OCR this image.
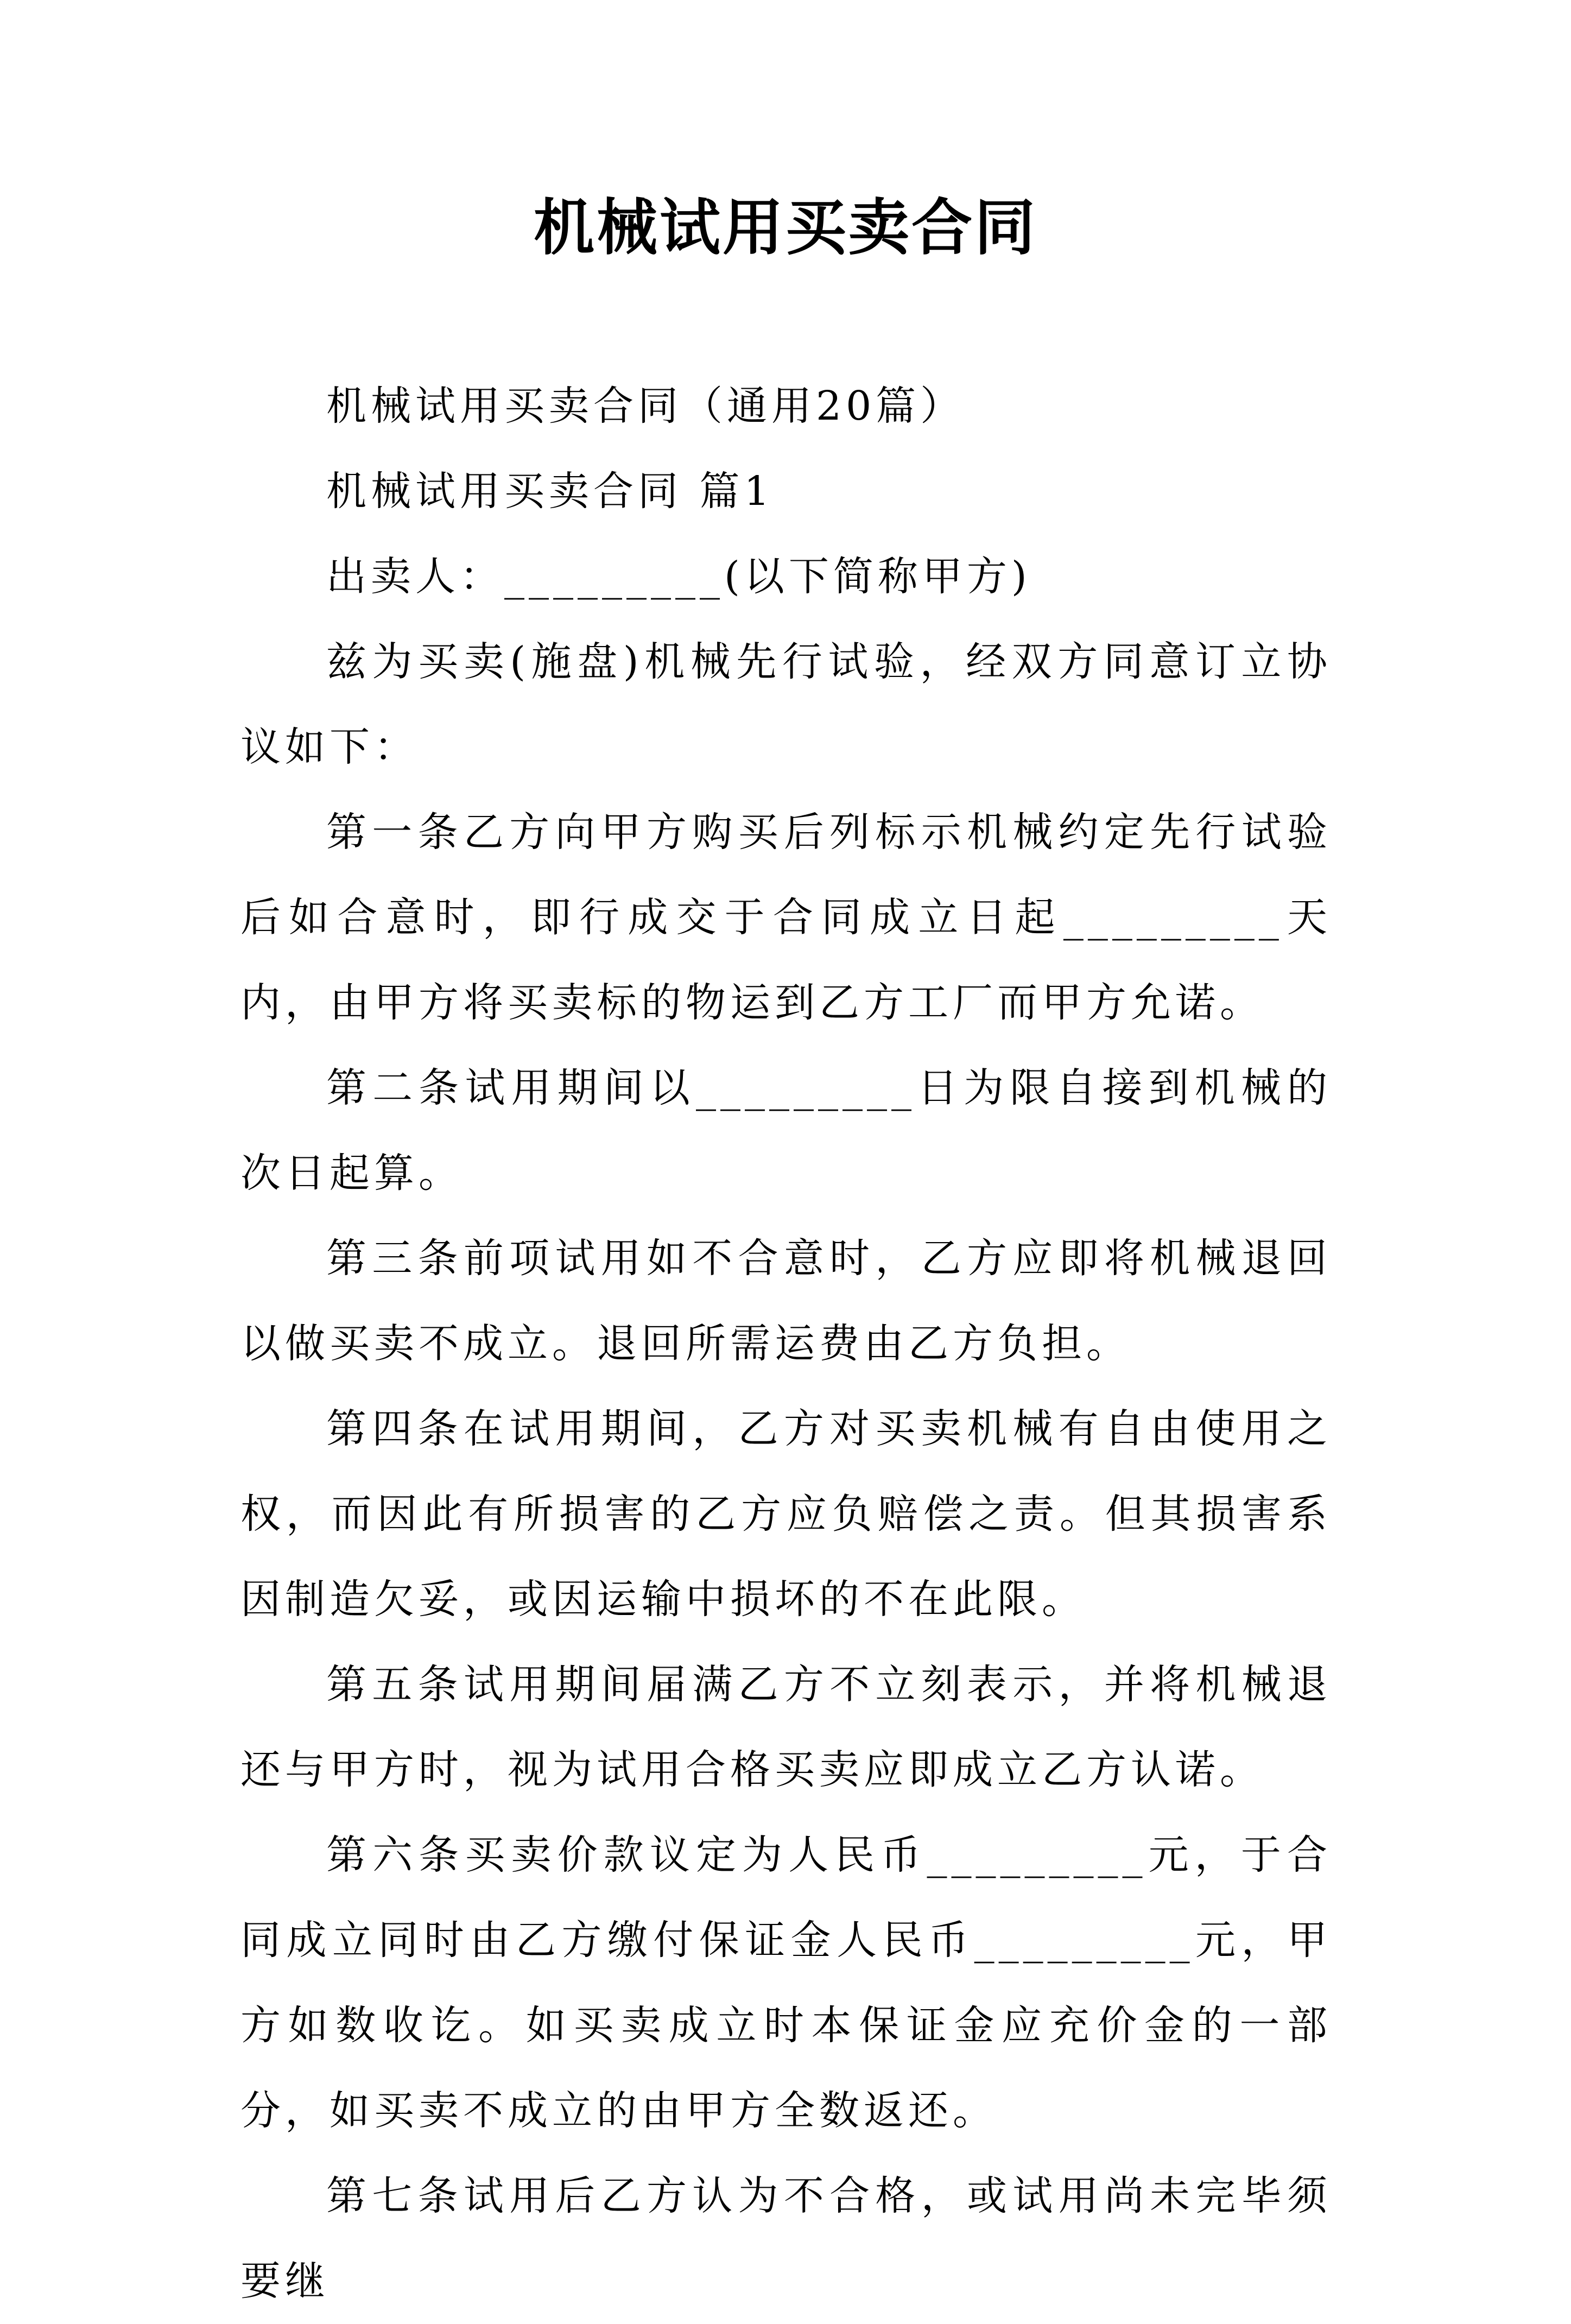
机械试用买卖合同

机械试用买卖合同（通用20篇）

机械试用买卖合同 篇1

出卖人：_________(以下简称甲方)

兹为买卖(施盘)机械先行试验，经双方同意订立协议如下：

第一条乙方向甲方购买后列标示机械约定先行试验后如合意时，即行成交于合同成立日起_________天内，由甲方将买卖标的物运到乙方工厂而甲方允诺。

第二条试用期间以_________日为限自接到机械的次日起算。

第三条前项试用如不合意时，乙方应即将机械退回以做买卖不成立。退回所需运费由乙方负担。

第四条在试用期间，乙方对买卖机械有自由使用之权，而因此有所损害的乙方应负赔偿之责。但其损害系因制造欠妥，或因运输中损坏的不在此限。

第五条试用期间届满乙方不立刻表示，并将机械退还与甲方时，视为试用合格买卖应即成立乙方认诺。

第六条买卖价款议定为人民币_________元，于合同成立同时由乙方缴付保证金人民币_________元，甲方如数收讫。如买卖成立时本保证金应充价金的一部分，如买卖不成立的由甲方全数返还。

第七条试用后乙方认为不合格，或试用尚未完毕须要继
